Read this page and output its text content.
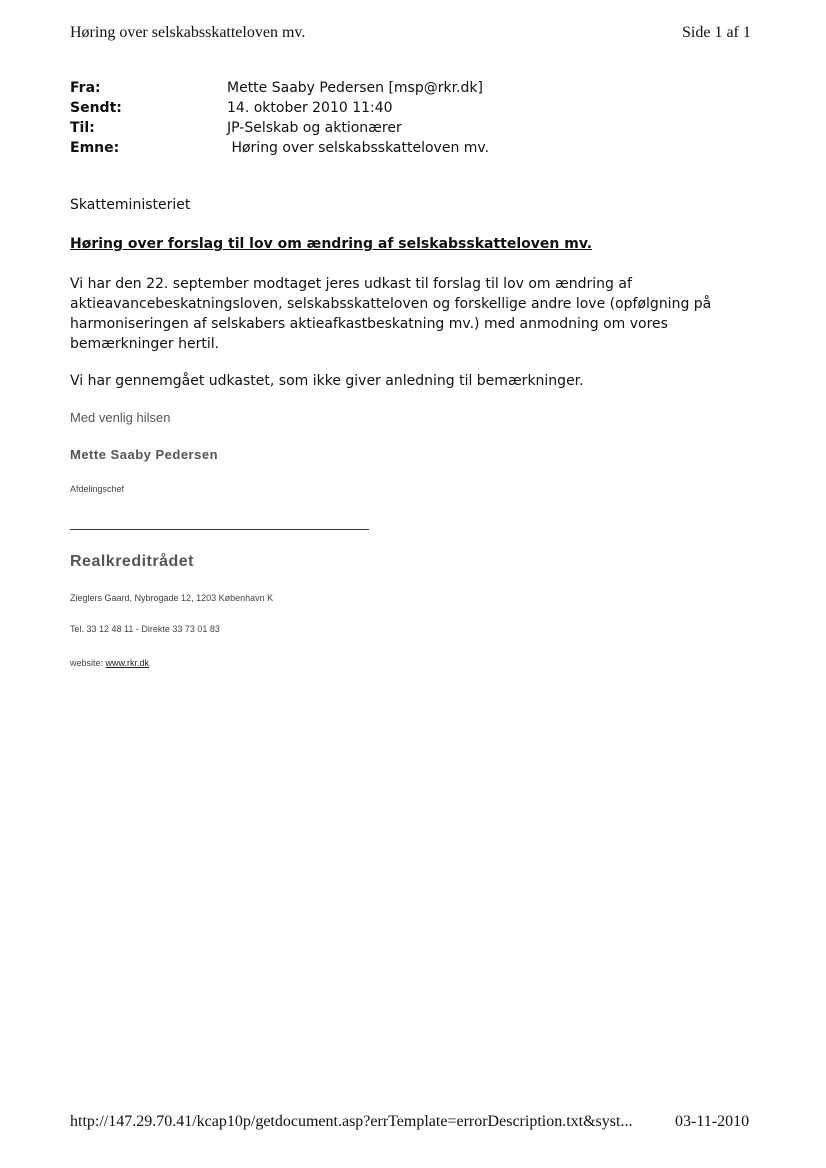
Høring over selskabsskatteloven mv.	Side 1 af 1
Fra:	Mette Saaby Pedersen [msp@rkr.dk]
Sendt:	14. oktober 2010 11:40
Til:	JP-Selskab og aktionærer
Emne:	Høring over selskabsskatteloven mv.
Skatteministeriet
Høring over forslag til lov om ændring af selskabsskatteloven mv.
Vi har den 22. september modtaget jeres udkast til forslag til lov om ændring af aktieavancebeskatningsloven, selskabsskatteloven og forskellige andre love (opfølgning på harmoniseringen af selskabers aktieafkastbeskatning mv.) med anmodning om vores bemærkninger hertil.
Vi har gennemgået udkastet, som ikke giver anledning til bemærkninger.
Med venlig hilsen
Mette Saaby Pedersen
Afdelingschef
Realkreditrådet
Zieglers Gaard, Nybrogade 12, 1203 København K
Tel. 33 12 48 11 - Direkte 33 73 01 83
website: www.rkr.dk
http://147.29.70.41/kcap10p/getdocument.asp?errTemplate=errorDescription.txt&syst...	03-11-2010
